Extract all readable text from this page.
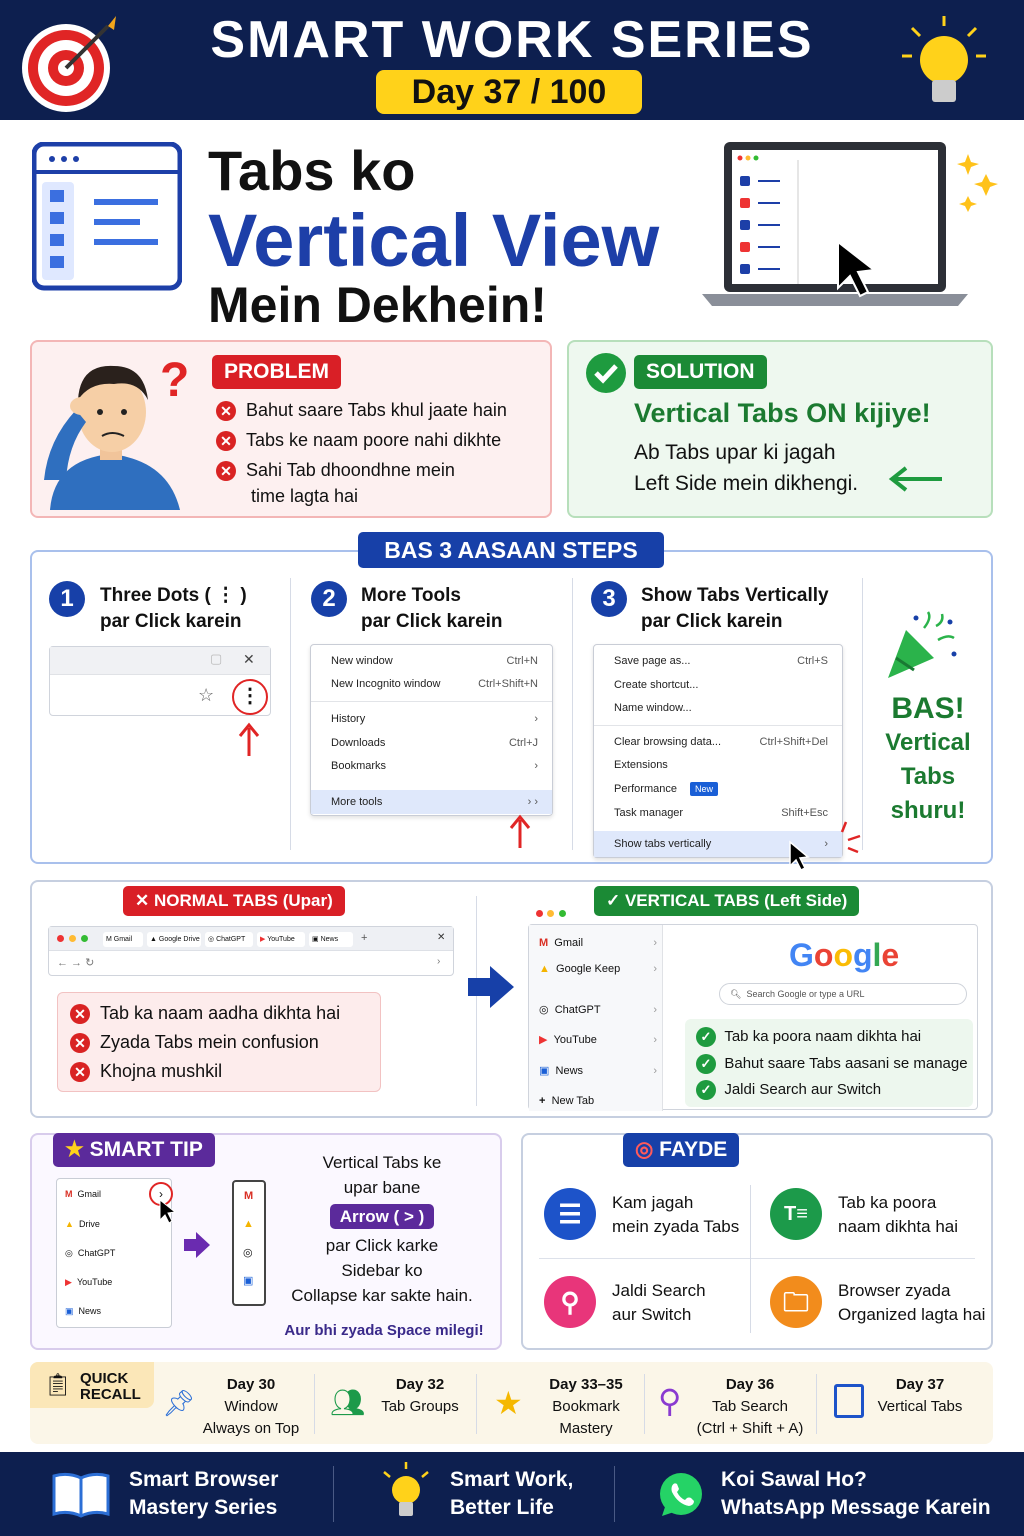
SMART WORK SERIES
Day 37 / 100
Tabs ko
Vertical View
Mein Dekhein!
?	PROBLEM
✕ Bahut saare Tabs khul jaate hain
✕ Tabs ke naam poore nahi dikhte
✕ Sahi Tab dhoondhne mein
time lagta hai
SOLUTION
Vertical Tabs ON kijiye!
Ab Tabs upar ki jagah
Left Side mein dikhengi.
BAS 3 AASAAN STEPS
1	Three Dots ( ⋮ )
par Click karein
▢ ✕
☆	⋮
2	More Tools
par Click karein
New window	Ctrl+N
New Incognito window	Ctrl+Shift+N
History	›
Downloads	Ctrl+J
Bookmarks	›
More tools	› ›
3	Show Tabs Vertically
par Click karein
Save page as...	Ctrl+S
Create shortcut...
Name window...
Clear browsing data...	Ctrl+Shift+Del
Extensions
Performance	New
Task manager	Shift+Esc
Show tabs vertically	›
BAS!
Vertical
Tabs
shuru!
✕ NORMAL TABS (Upar)
M Gmail	▲ Google Drive	◎ ChatGPT	▶ YouTube	▣ News	+	✕
← → ↻	›
✕ Tab ka naam aadha dikhta hai
✕ Zyada Tabs mein confusion
✕ Khojna mushkil
✓ VERTICAL TABS (Left Side)

M Gmail	›
▲ Google Keep	›
◎  ChatGPT	›
▶ YouTube	›
▣ News	›
+ New Tab
Google
🔍︎ Search Google or type a URL
✓ Tab ka poora naam dikhta hai
✓ Bahut saare Tabs aasani se manage
✓ Jaldi Search aur Switch
★ SMART TIP
M Gmail
▲ Drive
◎  ChatGPT
▶ YouTube
▣ News
›	M
▲
◎
▣
Vertical Tabs ke
upar bane
Arrow ( > )
par Click karke
Sidebar ko
Collapse kar sakte hain.
Aur bhi zyada Space milegi!
◎ FAYDE
☰	Kam jagah
mein zyada Tabs
T≡
Tab ka poora
naam dikhta hai
⚲	Jaldi Search
aur Switch	🗀︎	Browser zyada
Organized lagta hai
📋︎ QUICK
RECALL 📌︎
Day 30
Window
Always on Top
👥︎
Day 32
Tab Groups ★
Day 33–35
Bookmark
Mastery
⚲	Day 36
Tab Search
(Ctrl + Shift + A)
Day 37
Vertical Tabs
Smart Browser
Mastery Series
Smart Work,
Better Life
Koi Sawal Ho?
WhatsApp Message Karein
